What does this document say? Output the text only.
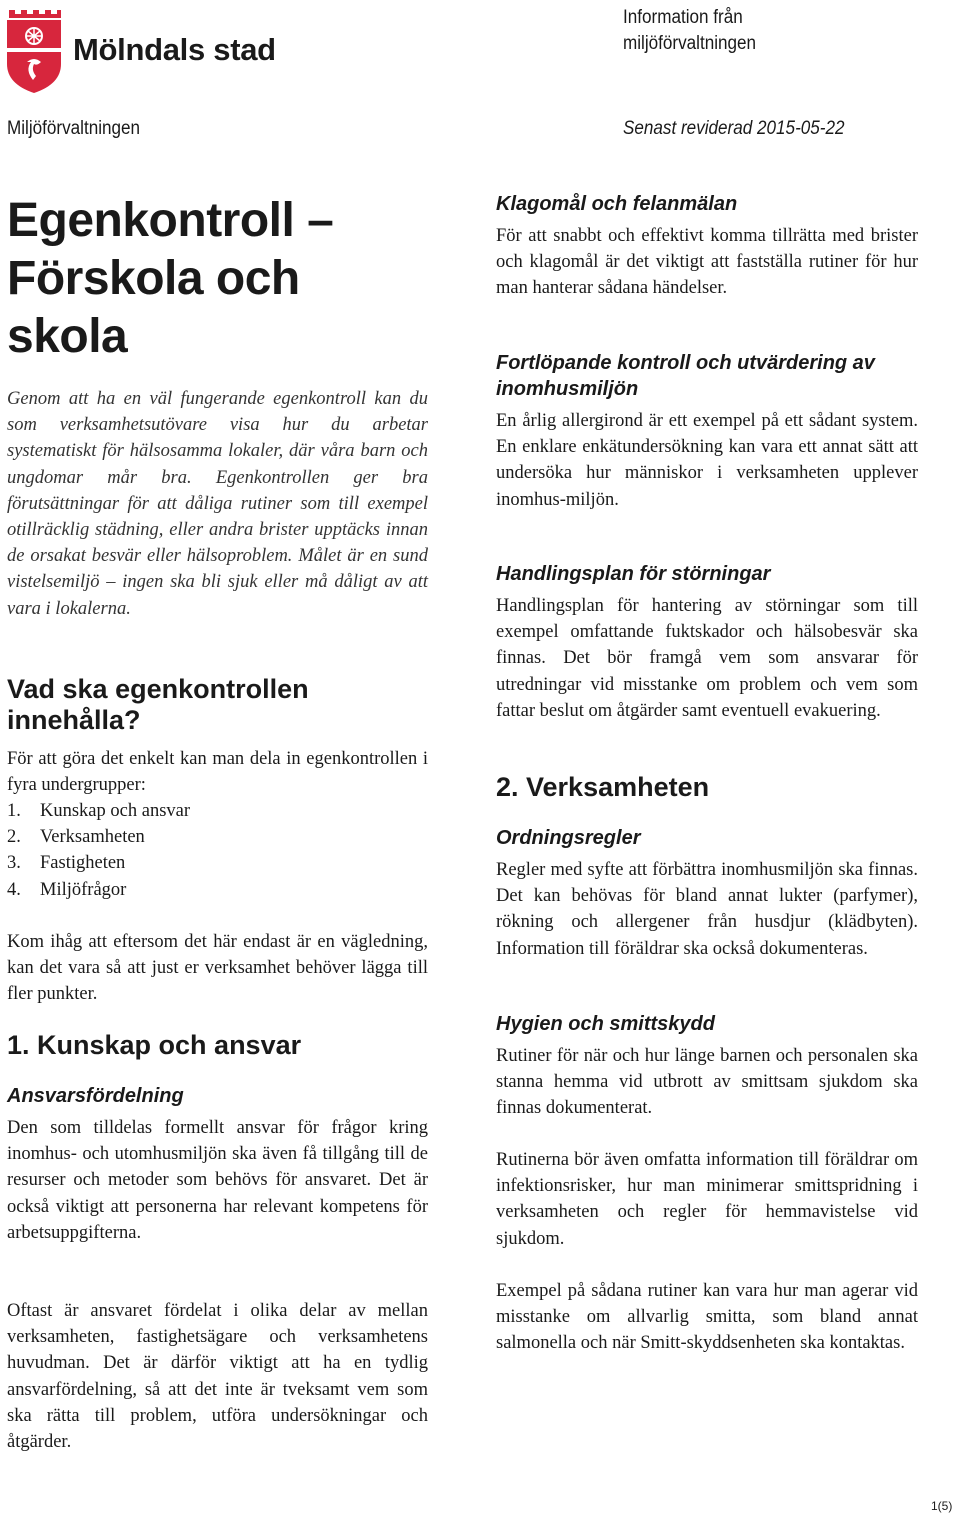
Mölndals stad
Information från
miljöförvaltningen
Miljöförvaltningen	Senast reviderad 2015-05-22
Egenkontroll –
Förskola och
skola

Genom att ha en väl fungerande egenkontroll kan du som verksamhetsutövare visa hur du arbetar systematiskt för hälsosamma lokaler, där våra barn och ungdomar mår bra. Egenkontrollen ger bra förutsättningar för att dåliga rutiner som till exempel otillräcklig städning, eller andra brister upptäcks innan de orsakat besvär eller hälsoproblem. Målet är en sund vistelsemiljö – ingen ska bli sjuk eller må dåligt av att vara i lokalerna.

Vad ska egenkontrollen innehålla?

För att göra det enkelt kan man dela in egenkontrollen i fyra undergrupper:

1. Kunskap och ansvar
2. Verksamheten
3. Fastigheten
4. Miljöfrågor

Kom ihåg att eftersom det här endast är en vägledning, kan det vara så att just er verksamhet behöver lägga till fler punkter.

1. Kunskap och ansvar
Ansvarsfördelning

Den som tilldelas formellt ansvar för frågor kring inomhus- och utomhusmiljön ska även få tillgång till de resurser och metoder som behövs för ansvaret. Det är också viktigt att personerna har relevant kompetens för arbetsuppgifterna.

Oftast är ansvaret fördelat i olika delar av mellan verksamheten, fastighetsägare och verksamhetens huvudman. Det är därför viktigt att ha en tydlig ansvarfördelning, så att det inte är tveksamt vem som ska rätta till problem, utföra undersökningar och åtgärder.

Klagomål och felanmälan

För att snabbt och effektivt komma tillrätta med brister och klagomål är det viktigt att fastställa rutiner för hur man hanterar sådana händelser.

Fortlöpande kontroll och utvärdering av inomhusmiljön

En årlig allergirond är ett exempel på ett sådant system. En enklare enkätundersökning kan vara ett annat sätt att undersöka hur människor i verksamheten upplever inomhus-miljön.

Handlingsplan för störningar

Handlingsplan för hantering av störningar som till exempel omfattande fuktskador och hälsobesvär ska finnas. Det bör framgå vem som ansvarar för utredningar vid misstanke om problem och vem som fattar beslut om åtgärder samt eventuell evakuering.

2. Verksamheten
Ordningsregler

Regler med syfte att förbättra inomhusmiljön ska finnas. Det kan behövas för bland annat lukter (parfymer), rökning och allergener från husdjur (klädbyten). Information till föräldrar ska också dokumenteras.

Hygien och smittskydd

Rutiner för när och hur länge barnen och personalen ska stanna hemma vid utbrott av smittsam sjukdom ska finnas dokumenterat.

Rutinerna bör även omfatta information till föräldrar om infektionsrisker, hur man minimerar smittspridning i verksamheten och regler för hemmavistelse vid sjukdom.

Exempel på sådana rutiner kan vara hur man agerar vid misstanke om allvarlig smitta, som bland annat salmonella och när Smitt-skyddsenheten ska kontaktas.

1(5)
